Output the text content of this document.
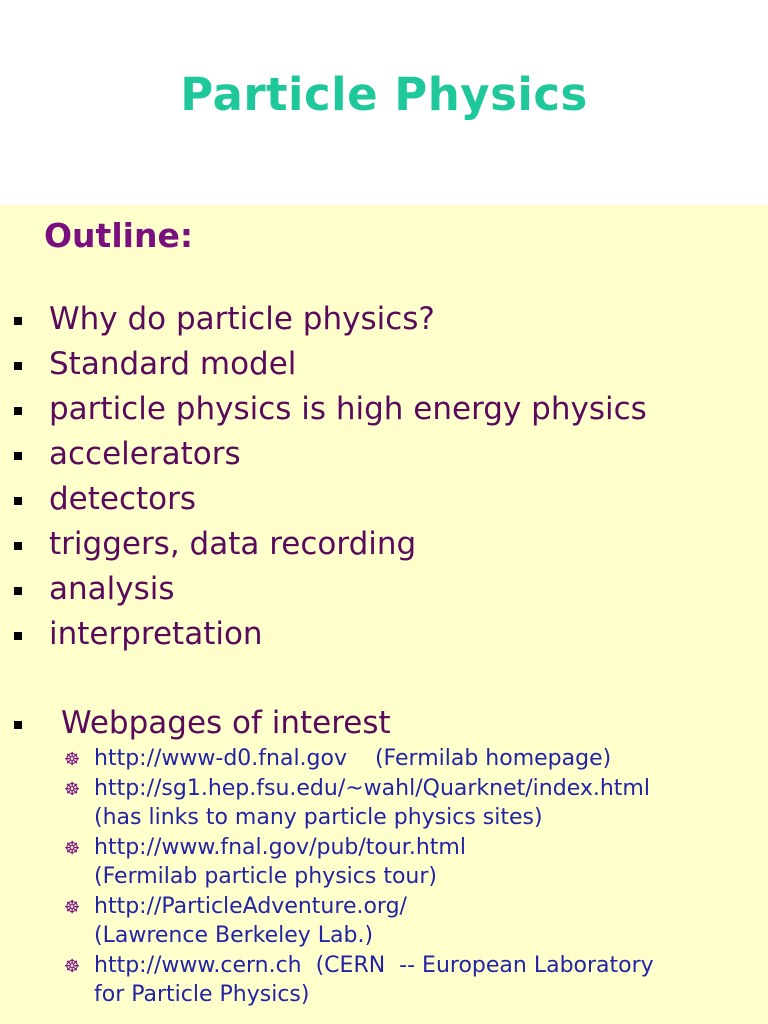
Particle Physics
Outline:
Why do particle physics?
Standard model
particle physics is high energy physics
accelerators
detectors
triggers, data recording
analysis
interpretation
Webpages of interest
☸ http://www-d0.fnal.gov    (Fermilab homepage)
☸ http://sg1.hep.fsu.edu/~wahl/Quarknet/index.html
(has links to many particle physics sites)
☸ http://www.fnal.gov/pub/tour.html
(Fermilab particle physics tour)
☸ http://ParticleAdventure.org/
(Lawrence Berkeley Lab.)
☸ http://www.cern.ch  (CERN  -- European Laboratory
for Particle Physics)
